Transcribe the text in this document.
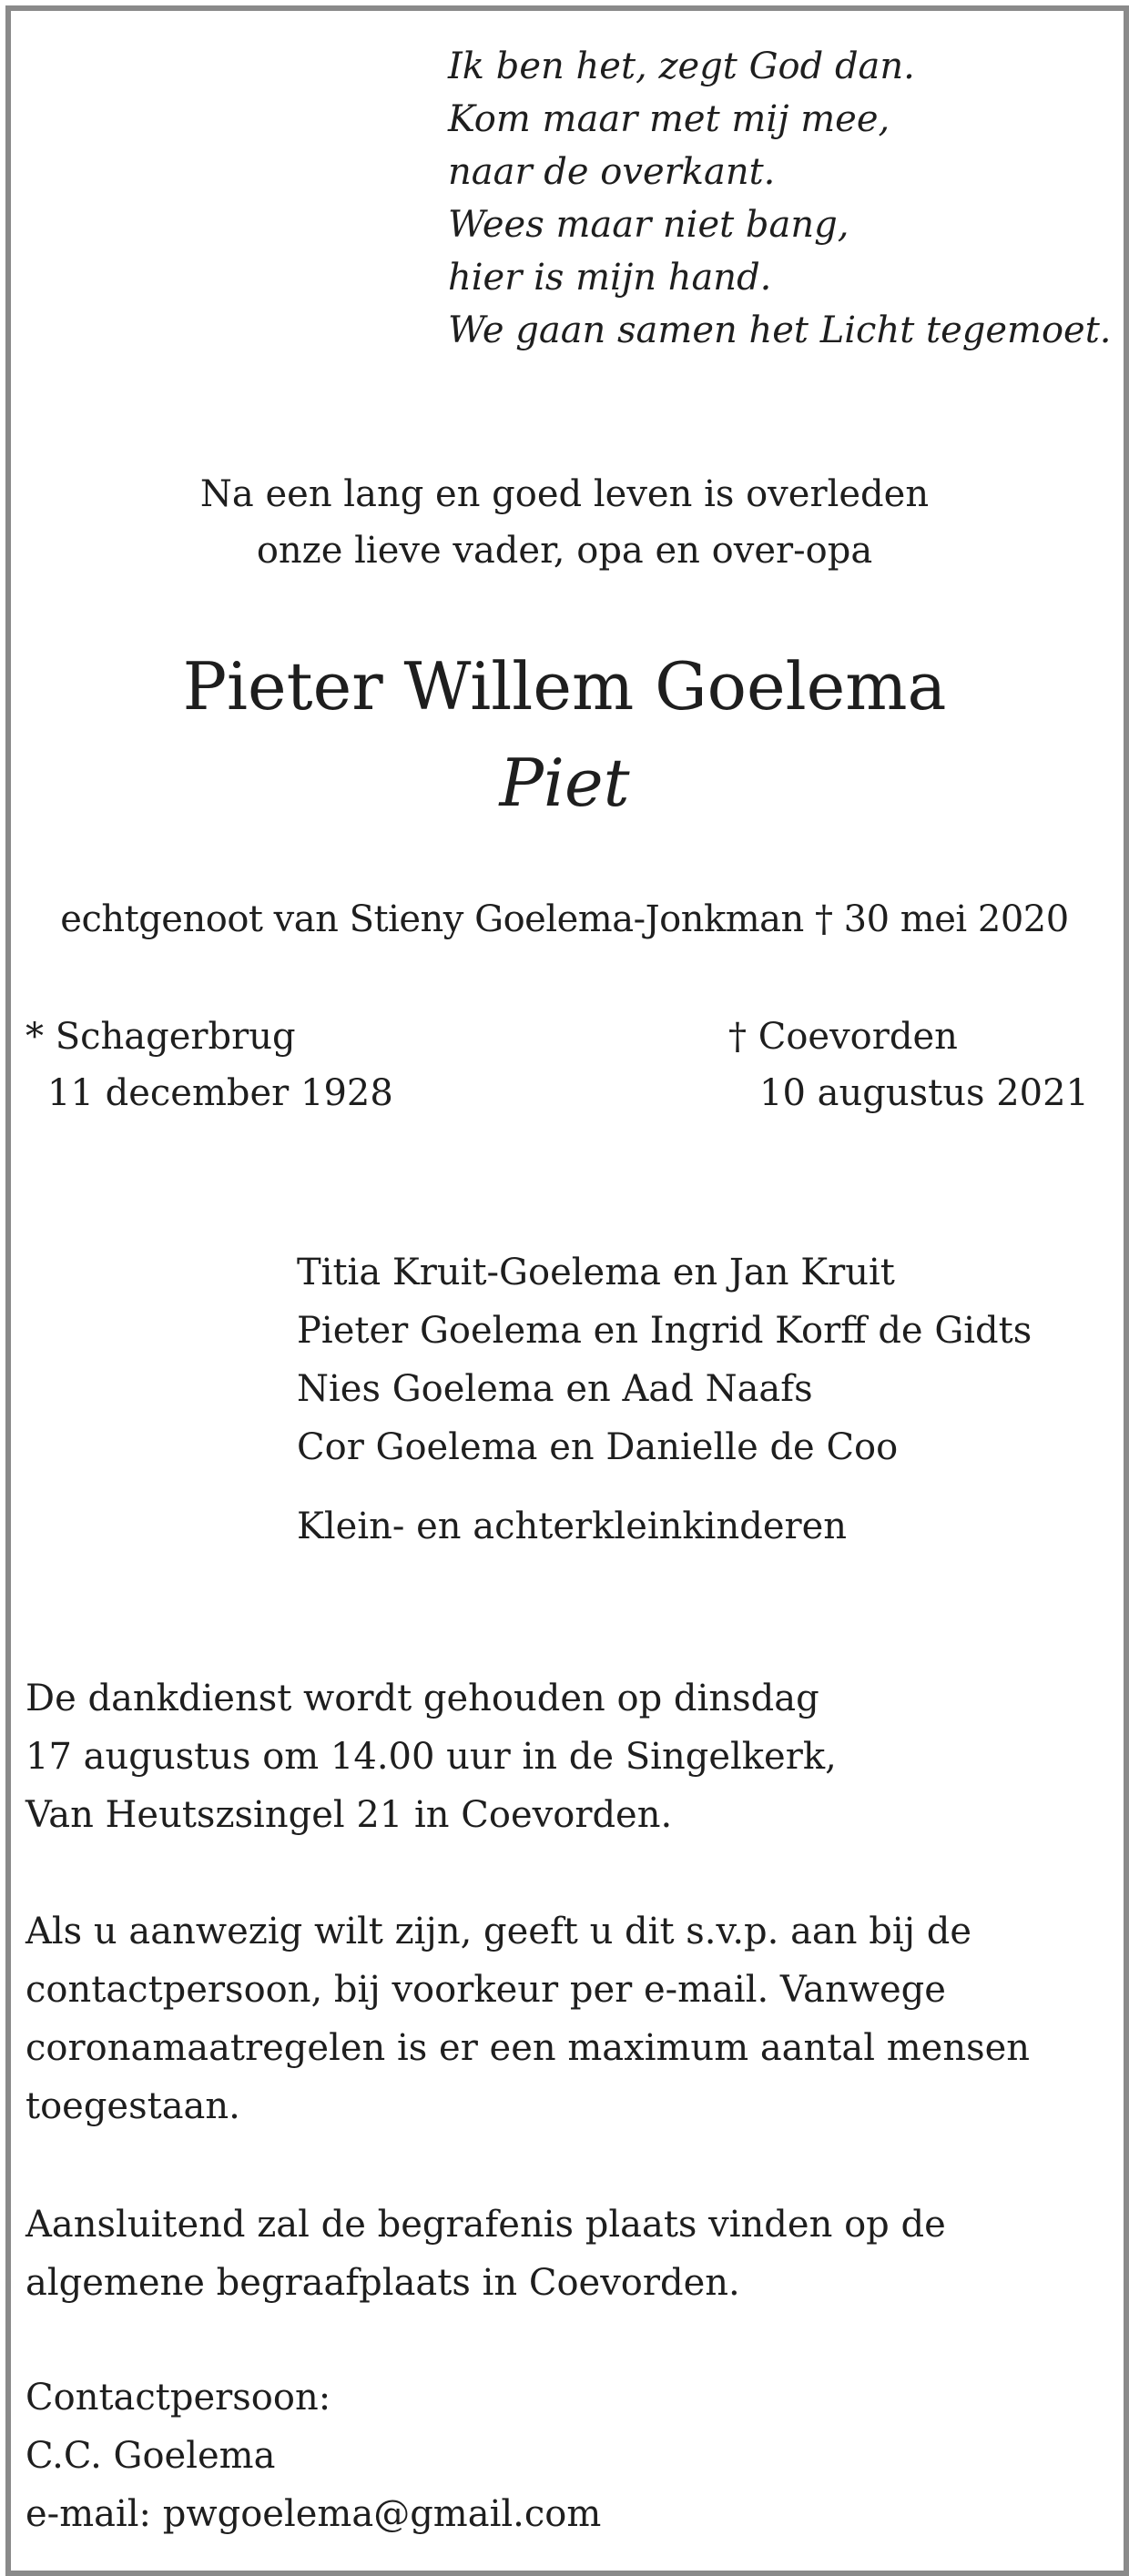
Ik ben het, zegt God dan.
Kom maar met mij mee,
naar de overkant.
Wees maar niet bang,
hier is mijn hand.
We gaan samen het Licht tegemoet.
Na een lang en goed leven is overleden
onze lieve vader, opa en over-opa
Pieter Willem Goelema
Piet
echtgenoot van Stieny Goelema-Jonkman † 30 mei 2020
* Schagerbrug
11 december 1928
† Coevorden
10 augustus 2021
Titia Kruit-Goelema en Jan Kruit
Pieter Goelema en Ingrid Korff de Gidts
Nies Goelema en Aad Naafs
Cor Goelema en Danielle de Coo
Klein- en achterkleinkinderen
De dankdienst wordt gehouden op dinsdag
17 augustus om 14.00 uur in de Singelkerk,
Van Heutszsingel 21 in Coevorden.
Als u aanwezig wilt zijn, geeft u dit s.v.p. aan bij de
contactpersoon, bij voorkeur per e-mail. Vanwege
coronamaatregelen is er een maximum aantal mensen
toegestaan.
Aansluitend zal de begrafenis plaats vinden op de
algemene begraafplaats in Coevorden.
Contactpersoon:
C.C. Goelema
e-mail: pwgoelema@gmail.com
